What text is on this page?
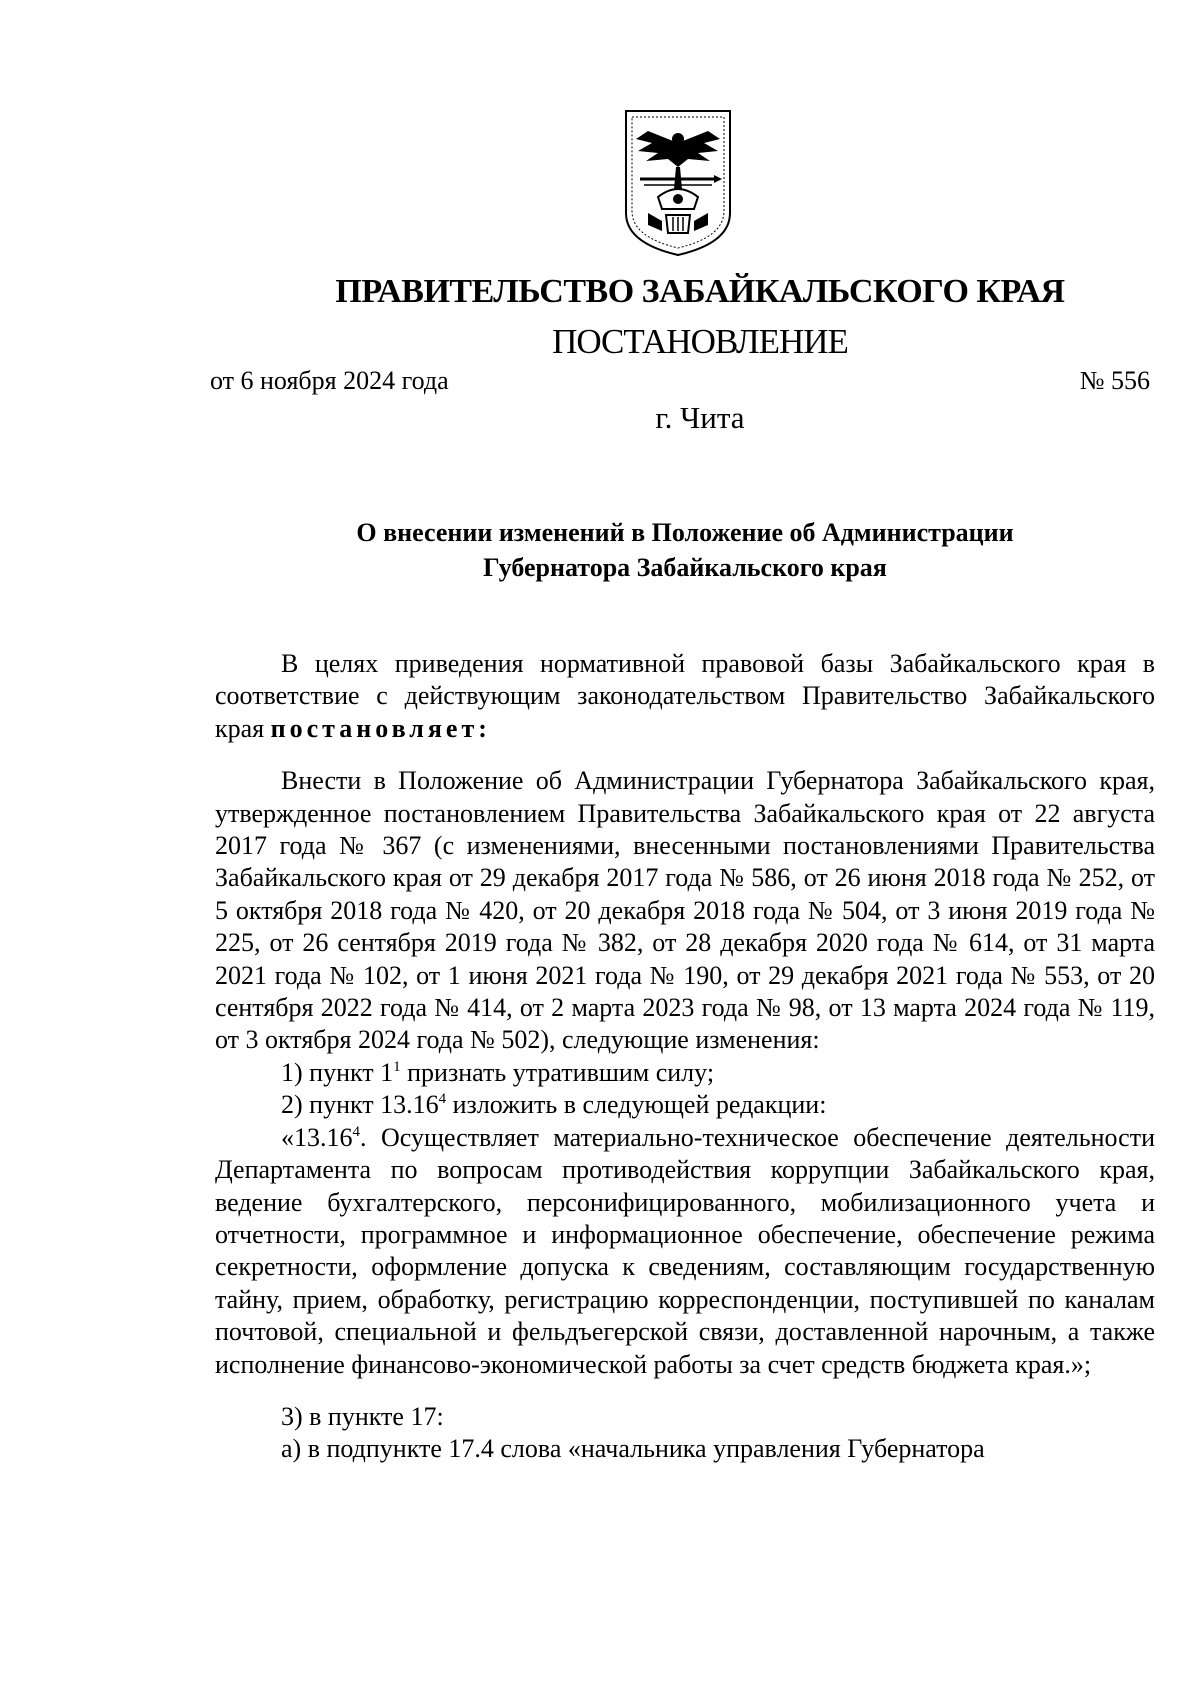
ПРАВИТЕЛЬСТВО ЗАБАЙКАЛЬСКОГО КРАЯ
ПОСТАНОВЛЕНИЕ
от 6 ноября 2024 года	№ 556
г. Чита
О внесении изменений в Положение об Администрации
Губернатора Забайкальского края

В целях приведения нормативной правовой базы Забайкальского края в соответствие с действующим законодательством Правительство Забайкальского края постановляет:

Внести в Положение об Администрации Губернатора Забайкальского края, утвержденное постановлением Правительства Забайкальского края от 22 августа 2017 года № 367 (с изменениями, внесенными постановлениями Правительства Забайкальского края от 29 декабря 2017 года № 586, от 26 июня 2018 года № 252, от 5 октября 2018 года № 420, от 20 декабря 2018 года № 504, от 3 июня 2019 года № 225, от 26 сентября 2019 года № 382, от 28 декабря 2020 года № 614, от 31 марта 2021 года № 102, от 1 июня 2021 года № 190, от 29 декабря 2021 года № 553, от 20 сентября 2022 года № 414, от 2 марта 2023 года № 98, от 13 марта 2024 года № 119, от 3 октября 2024 года № 502), следующие изменения:

1) пункт $1^1$ признать утратившим силу;

2) пункт 13.16$^4$ изложить в следующей редакции:

«13.16$^4$. Осуществляет материально-техническое обеспечение деятельности Департамента по вопросам противодействия коррупции Забайкальского края, ведение бухгалтерского, персонифицированного, мобилизационного учета и отчетности, программное и информационное обеспечение, обеспечение режима секретности, оформление допуска к сведениям, составляющим государственную тайну, прием, обработку, регистрацию корреспонденции, поступившей по каналам почтовой, специальной и фельдъегерской связи, доставленной нарочным, а также исполнение финансово-экономической работы за счет средств бюджета края.»;

3) в пункте 17:

а) в подпункте 17.4 слова «начальника управления Губернатора
